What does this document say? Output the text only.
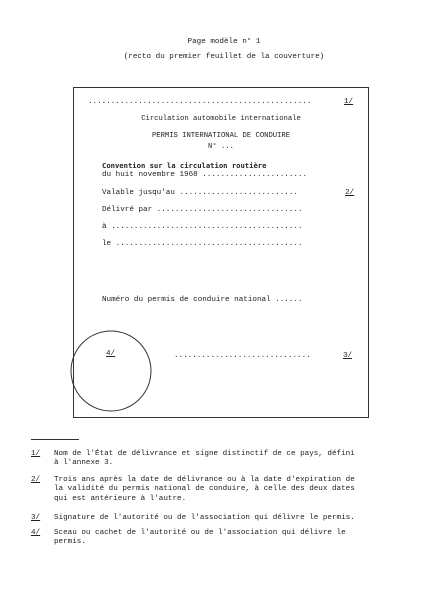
Page modèle n° 1
(recto du premier feuillet de la couverture)
.................................................	1/
Circulation automobile internationale
PERMIS INTERNATIONAL DE CONDUIRE
N° ...
Convention sur la circulation routière
du huit novembre 1968 .......................
Valable jusqu'au ..........................	2/
Délivré par ................................
à ..........................................
le .........................................
Numéro du permis de conduire national ......
4/	..............................	3/
1/ Nom de l'État de délivrance et signe distinctif de ce pays, défini
à l'annexe 3.
2/ Trois ans après la date de délivrance ou à la date d'expiration de
la validité du permis national de conduire, à celle des deux dates
qui est antérieure à l'autre.
3/ Signature de l'autorité ou de l'association qui délivre le permis.
4/ Sceau ou cachet de l'autorité ou de l'association qui délivre le
permis.
